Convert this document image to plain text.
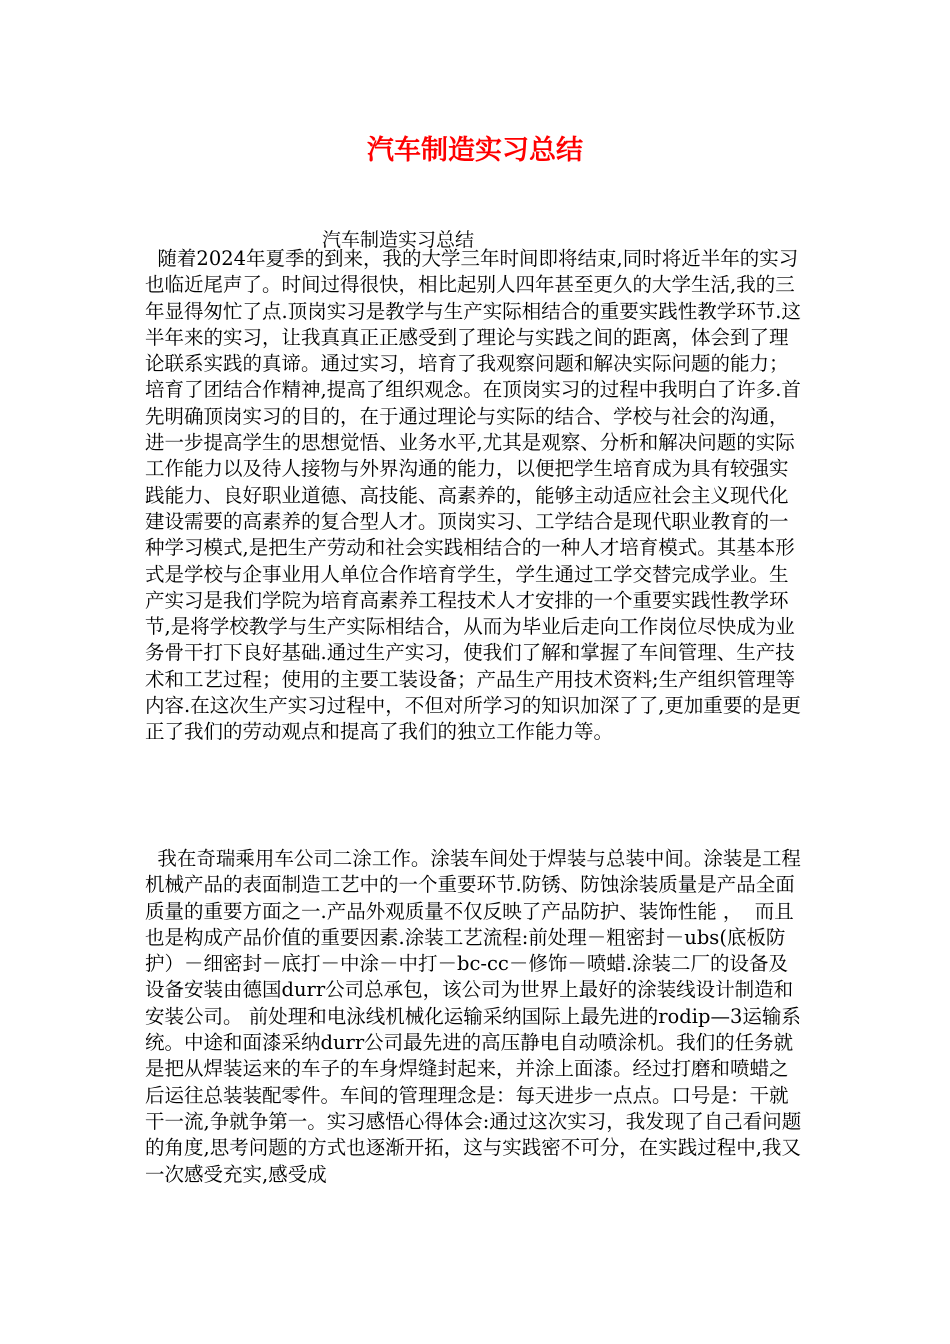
汽车制造实习总结

汽车制造实习总结

随着2024年夏季的到来，我的大学三年时间即将结束,同时将近半年的实习也临近尾声了。时间过得很快，相比起别人四年甚至更久的大学生活,我的三年显得匆忙了点.顶岗实习是教学与生产实际相结合的重要实践性教学环节.这半年来的实习，让我真真正正感受到了理论与实践之间的距离，体会到了理论联系实践的真谛。通过实习，培育了我观察问题和解决实际问题的能力；培育了团结合作精神,提高了组织观念。在顶岗实习的过程中我明白了许多.首先明确顶岗实习的目的，在于通过理论与实际的结合、学校与社会的沟通，进一步提高学生的思想觉悟、业务水平,尤其是观察、分析和解决问题的实际工作能力以及待人接物与外界沟通的能力，以便把学生培育成为具有较强实践能力、良好职业道德、高技能、高素养的，能够主动适应社会主义现代化建设需要的高素养的复合型人才。顶岗实习、工学结合是现代职业教育的一种学习模式,是把生产劳动和社会实践相结合的一种人才培育模式。其基本形式是学校与企事业用人单位合作培育学生，学生通过工学交替完成学业。生产实习是我们学院为培育高素养工程技术人才安排的一个重要实践性教学环节,是将学校教学与生产实际相结合，从而为毕业后走向工作岗位尽快成为业务骨干打下良好基础.通过生产实习，使我们了解和掌握了车间管理、生产技术和工艺过程；使用的主要工装设备；产品生产用技术资料;生产组织管理等内容.在这次生产实习过程中，不但对所学习的知识加深了了,更加重要的是更正了我们的劳动观点和提高了我们的独立工作能力等。

我在奇瑞乘用车公司二涂工作。涂装车间处于焊装与总装中间。涂装是工程机械产品的表面制造工艺中的一个重要环节.防锈、防蚀涂装质量是产品全面质量的重要方面之一.产品外观质量不仅反映了产品防护、装饰性能 ，  而且也是构成产品价值的重要因素.涂装工艺流程:前处理－粗密封－ubs(底板防护）－细密封－底打－中涂－中打－bc-cc－修饰－喷蜡.涂装二厂的设备及设备安装由德国durr公司总承包，该公司为世界上最好的涂装线设计制造和安装公司。 前处理和电泳线机械化运输采纳国际上最先进的rodip—3运输系统。中途和面漆采纳durr公司最先进的高压静电自动喷涂机。我们的任务就是把从焊装运来的车子的车身焊缝封起来，并涂上面漆。经过打磨和喷蜡之后运往总装装配零件。车间的管理理念是：每天进步一点点。口号是：干就干一流,争就争第一。实习感悟心得体会:通过这次实习，我发现了自己看问题的角度,思考问题的方式也逐渐开拓，这与实践密不可分，在实践过程中,我又一次感受充实,感受成
